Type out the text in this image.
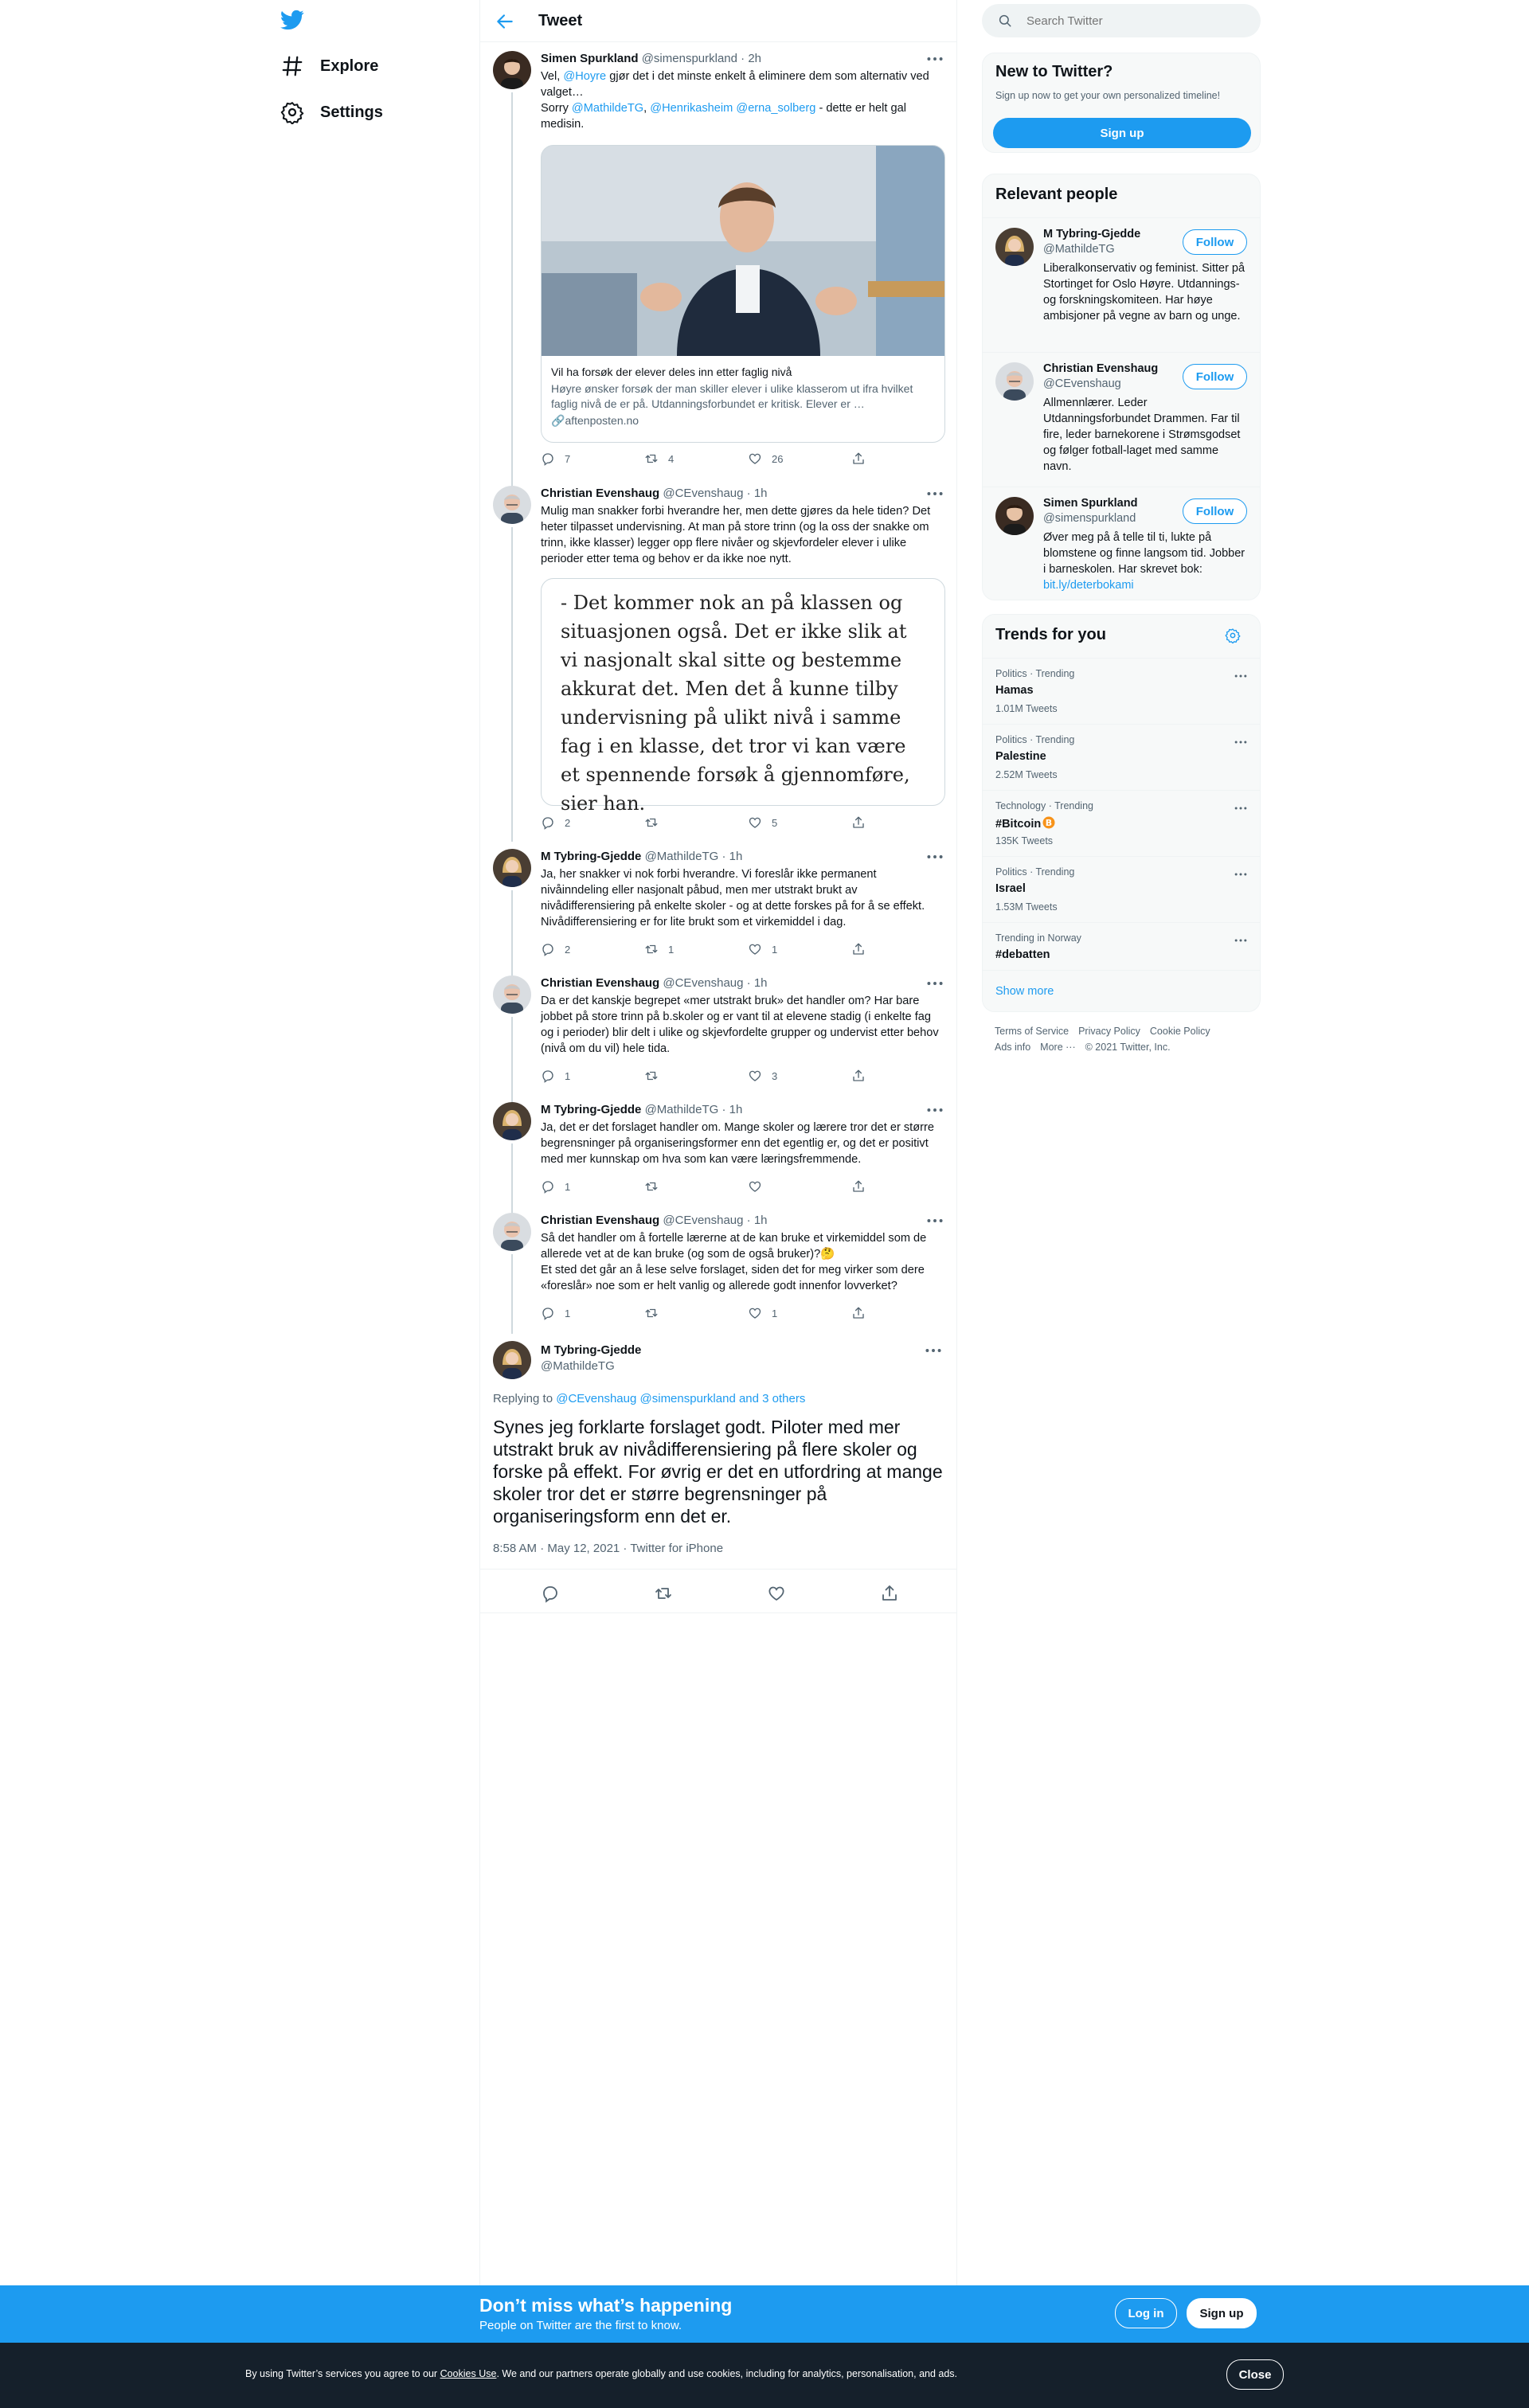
Explore
Settings
Tweet
Simen Spurkland @simenspurkland · 2h
Vel, @Hoyre gjør det i det minste enkelt å eliminere dem som alternativ ved valget…
Sorry @MathildeTG, @Henrikasheim @erna_solberg - dette er helt gal medisin.
Vil ha forsøk der elever deles inn etter faglig nivå
Høyre ønsker forsøk der man skiller elever i ulike klasserom ut ifra hvilket faglig nivå de er på. Utdanningsforbundet er kritisk. Elever er …
🔗aftenposten.no
7	4	26
Christian Evenshaug @CEvenshaug · 1h
Mulig man snakker forbi hverandre her, men dette gjøres da hele tiden? Det heter tilpasset undervisning. At man på store trinn (og la oss der snakke om trinn, ikke klasser) legger opp flere nivåer og skjevfordeler elever i ulike perioder etter tema og behov er da ikke noe nytt.
- Det kommer nok an på klassen og situasjonen også. Det er ikke slik at vi nasjonalt skal sitte og bestemme akkurat det. Men det å kunne tilby undervisning på ulikt nivå i samme fag i en klasse, det tror vi kan være et spennende forsøk å gjennomføre, sier han.
2	5
M Tybring-Gjedde @MathildeTG · 1h
Ja, her snakker vi nok forbi hverandre. Vi foreslår ikke permanent nivåinndeling eller nasjonalt påbud, men mer utstrakt brukt av nivådifferensiering på enkelte skoler - og at dette forskes på for å se effekt. Nivådifferensiering er for lite brukt som et virkemiddel i dag.
2	1	1
Christian Evenshaug @CEvenshaug · 1h
Da er det kanskje begrepet «mer utstrakt bruk» det handler om? Har bare jobbet på store trinn på b.skoler og er vant til at elevene stadig (i enkelte fag og i perioder) blir delt i ulike og skjevfordelte grupper og undervist etter behov (nivå om du vil) hele tida.
1	3
M Tybring-Gjedde @MathildeTG · 1h
Ja, det er det forslaget handler om. Mange skoler og lærere tror det er større begrensninger på organiseringsformer enn det egentlig er, og det er positivt med mer kunnskap om hva som kan være læringsfremmende.
1
Christian Evenshaug @CEvenshaug · 1h
Så det handler om å fortelle lærerne at de kan bruke et virkemiddel som de allerede vet at de kan bruke (og som de også bruker)?🤔
Et sted det går an å lese selve forslaget, siden det for meg virker som dere «foreslår» noe som er helt vanlig og allerede godt innenfor lovverket?
1	1
M Tybring-Gjedde
@MathildeTG
Replying to @CEvenshaug @simenspurkland and 3 others
Synes jeg forklarte forslaget godt. Piloter med mer utstrakt bruk av nivådifferensiering på flere skoler og forske på effekt. For øvrig er det en utfordring at mange skoler tror det er større begrensninger på organiseringsform enn det er.
8:58 AM · May 12, 2021 · Twitter for iPhone
Search Twitter
New to Twitter?
Sign up now to get your own personalized timeline!
Sign up
Relevant people
M Tybring-Gjedde
@MathildeTG
Follow
Liberalkonservativ og feminist. Sitter på Stortinget for Oslo Høyre. Utdannings- og forskningskomiteen. Har høye ambisjoner på vegne av barn og unge.
Christian Evenshaug
@CEvenshaug
Follow
Allmennlærer. Leder Utdanningsforbundet Drammen. Far til fire, leder barnekorene i Strømsgodset og følger fotball-laget med samme navn.
Simen Spurkland
@simenspurkland
Follow
Øver meg på å telle til ti, lukte på blomstene og finne langsom tid. Jobber i barneskolen. Har skrevet bok: bit.ly/deterbokami
Trends for you
Politics · Trending
Hamas
1.01M Tweets
Politics · Trending
Palestine
2.52M Tweets
Technology · Trending
#Bitcoin B
135K Tweets
Politics · Trending
Israel
1.53M Tweets
Trending in Norway
#debatten
Show more
Terms of Service Privacy Policy Cookie Policy
Ads info More ··· © 2021 Twitter, Inc.
Don’t miss what’s happening
People on Twitter are the first to know.
Log in	Sign up
By using Twitter’s services you agree to our Cookies Use. We and our partners operate globally and use cookies, including for analytics, personalisation, and ads.	Close
